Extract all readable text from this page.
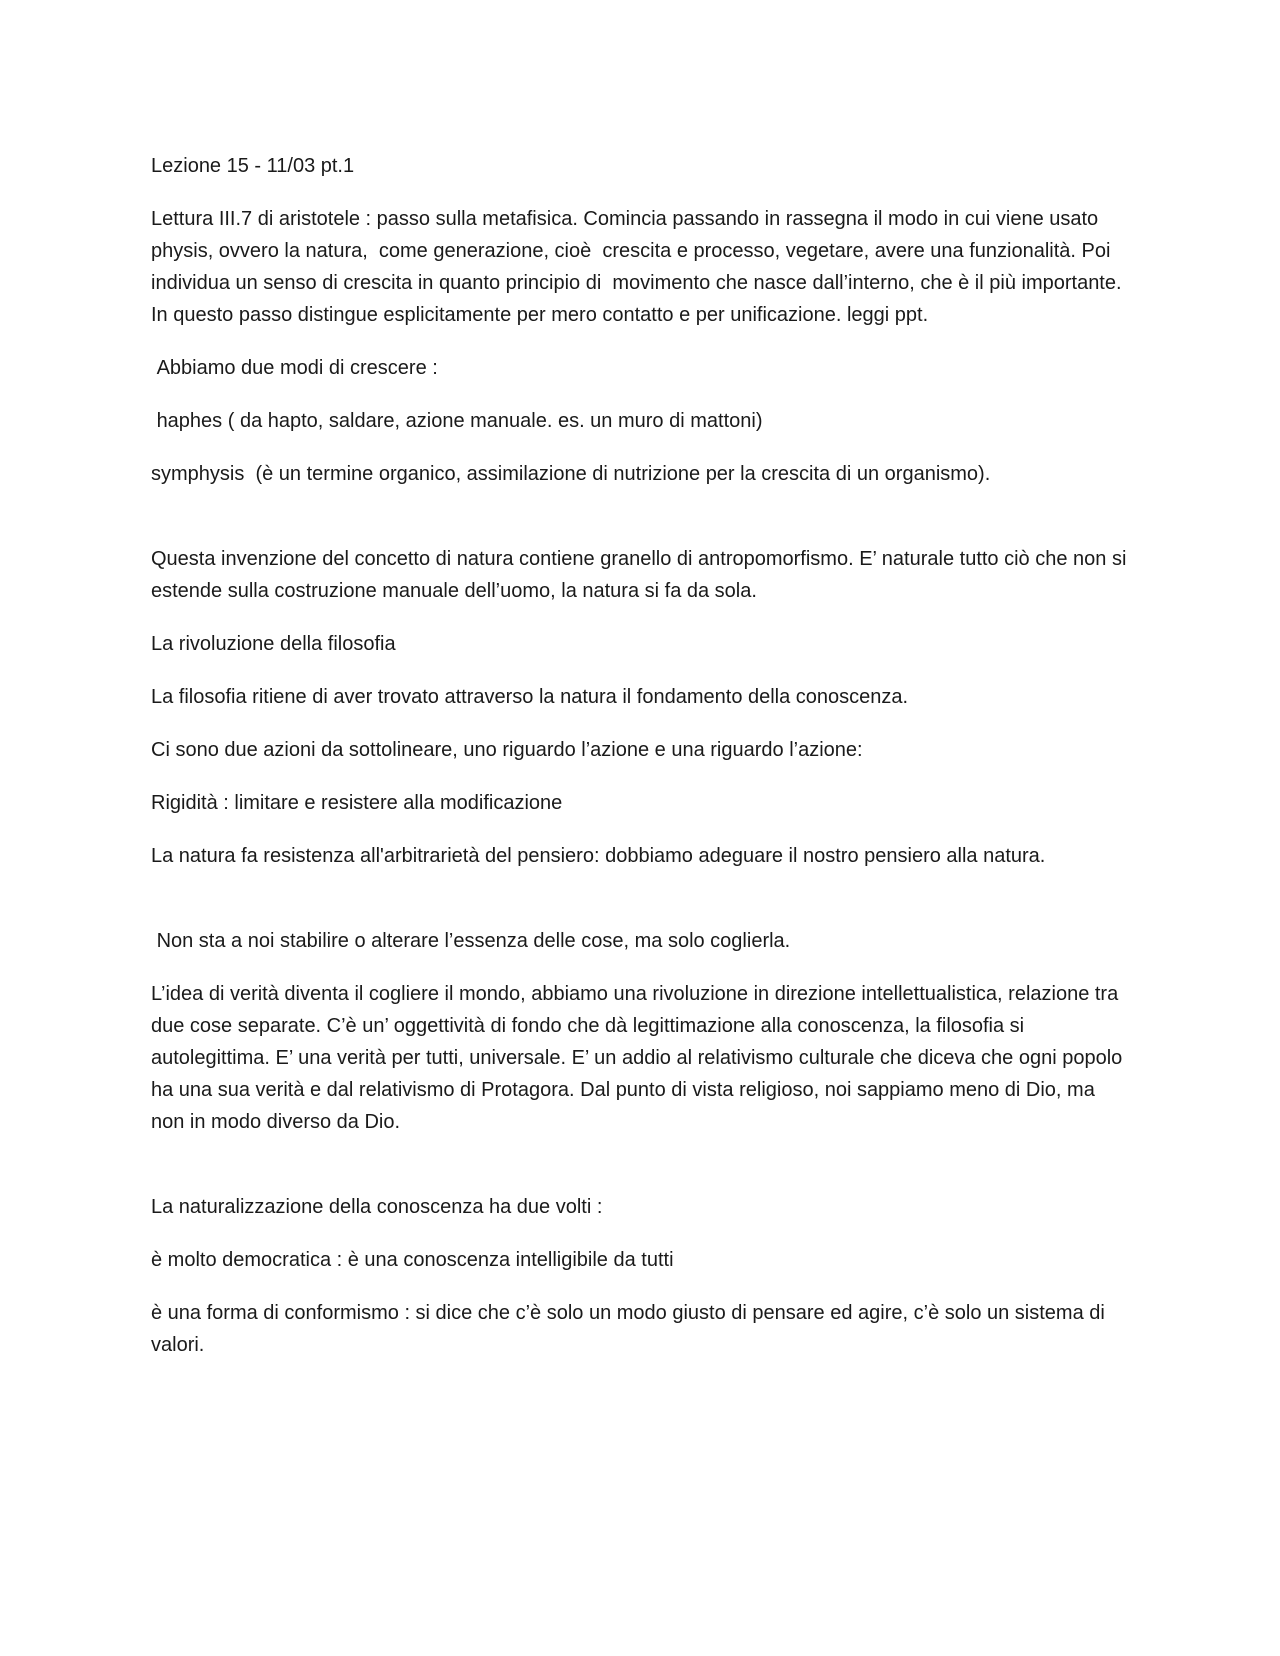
Lezione 15 - 11/03 pt.1

Lettura III.7 di aristotele : passo sulla metafisica. Comincia passando in rassegna il modo in cui viene usato physis, ovvero la natura,  come generazione, cioè  crescita e processo, vegetare, avere una funzionalità. Poi individua un senso di crescita in quanto principio di  movimento che nasce dall’interno, che è il più importante. In questo passo distingue esplicitamente per mero contatto e per unificazione. leggi ppt.

Abbiamo due modi di crescere :

haphes ( da hapto, saldare, azione manuale. es. un muro di mattoni)

symphysis  (è un termine organico, assimilazione di nutrizione per la crescita di un organismo).

Questa invenzione del concetto di natura contiene granello di antropomorfismo. E’ naturale tutto ciò che non si estende sulla costruzione manuale dell’uomo, la natura si fa da sola.

La rivoluzione della filosofia

La filosofia ritiene di aver trovato attraverso la natura il fondamento della conoscenza.

Ci sono due azioni da sottolineare, uno riguardo l’azione e una riguardo l’azione:

Rigidità : limitare e resistere alla modificazione

La natura fa resistenza all'arbitrarietà del pensiero: dobbiamo adeguare il nostro pensiero alla natura.

Non sta a noi stabilire o alterare l’essenza delle cose, ma solo coglierla.

L’idea di verità diventa il cogliere il mondo, abbiamo una rivoluzione in direzione intellettualistica, relazione tra due cose separate. C’è un’ oggettività di fondo che dà legittimazione alla conoscenza, la filosofia si autolegittima. E’ una verità per tutti, universale. E’ un addio al relativismo culturale che diceva che ogni popolo ha una sua verità e dal relativismo di Protagora. Dal punto di vista religioso, noi sappiamo meno di Dio, ma non in modo diverso da Dio.

La naturalizzazione della conoscenza ha due volti :

è molto democratica : è una conoscenza intelligibile da tutti

è una forma di conformismo : si dice che c’è solo un modo giusto di pensare ed agire, c’è solo un sistema di valori.
